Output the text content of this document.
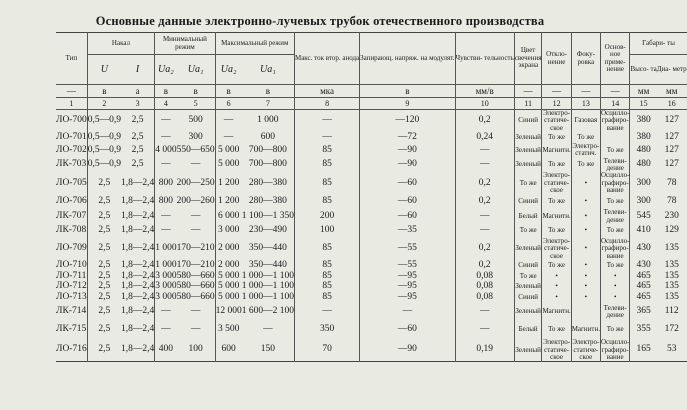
Основные данные электронно-лучевых трубок отечественного производства
Тип	Накал		Минимальный режим		Максимальный режим		Макс. ток втор. анода	Запирающ. напряж. на модулят.	Чувстви- тельность	Цвет свечения экрана	Откло- нение	Фоку- ровка	Основ- ное приме- нение	Габари- ты	
	U	I	Uа₂	Uа₁	Uа₂	Uа₁								Высо- та	Диа- метр
—	в	а	в	в	в	в	мка	в	мм/в	—	—	—	—	мм	мм
1	2	3	4	5	6	7	8	9	10	11	12	13	14	15	16
ЛО-700	0,5—0,9	2,5	—	500	—	1 000	—	—120	0,2	Синий	Электро- статиче- ское	Газовая	Осцилло- графиро- вание	380	127
ЛО-701	0,5—0,9	2,5	—	300	—	600	—	—72	0,24	Зеленый	То же	То же		380	127
ЛО-702	0,5—0,9	2,5	4 000	550—650	5 000	700—800	85	—90	—	Зеленый	Магнитн.	Электро- статич.	То же	480	127
ЛК-703	0,5—0,9	2,5	—	—	5 000	700—800	85	—90	—	Зеленый	То же	То же	Телеви- дение	480	127
ЛО-705	2,5	1,8—2,4	800	200—250	1 200	280—380	85	—60	0,2	То же	Электро- статиче- ское	•	Осцилло- графиро- вание	300	78
ЛО-706	2,5	1,8—2,4	800	200—260	1 200	280—380	85	—60	0,2	Синий	То же	•	То же	300	78
ЛК-707	2,5	1,8—2,4	—	—	6 000	1 100—1 350	200	—60	—	Белый	Магнитн.	•	Телеви- дение	545	230
ЛК-708	2,5	1,8—2,4	—	—	3 000	230—490	100	—35	—	То же	То же	•	То же	410	129
ЛО-709	2,5	1,8—2,4	1 000	170—210	2 000	350—440	85	—55	0,2	Зеленый	Электро- статиче- ское	•	Осцилло- графиро- вание	430	135
ЛО-710	2,5	1,8—2,4	1 000	170—210	2 000	350—440	85	—55	0,2	Синий	То же	•	То же	430	135
ЛО-711	2,5	1,8—2,4	3 000	580—660	5 000	1 000—1 100	85	—95	0,08	То же	•	•	•	465	135
ЛО-712	2,5	1,8—2,4	3 000	580—660	5 000	1 000—1 100	85	—95	0,08	Зеленый	•	•	•	465	135
ЛО-713	2,5	1,8—2,4	3 000	580—660	5 000	1 000—1 100	85	—95	0,08	Синий	•	•	•	465	135
ЛК-714	2,5	1,8—2,4	—	—	12 000	1 600—2 100	—	—	—	Зеленый	Магнитн.		Телеви- дение	365	112
ЛК-715	2,5	1,8—2,4	—	—	3 500	—	350	—60	—	Белый	То же	Магнитн.	То же	355	172
ЛО-716	2,5	1,8—2,4	400	100	600	150	70	—90	0,19	Зеленый	Электро- статиче- ское	Электро- статиче- ское	Осцилло- графиро- вание	165	53
